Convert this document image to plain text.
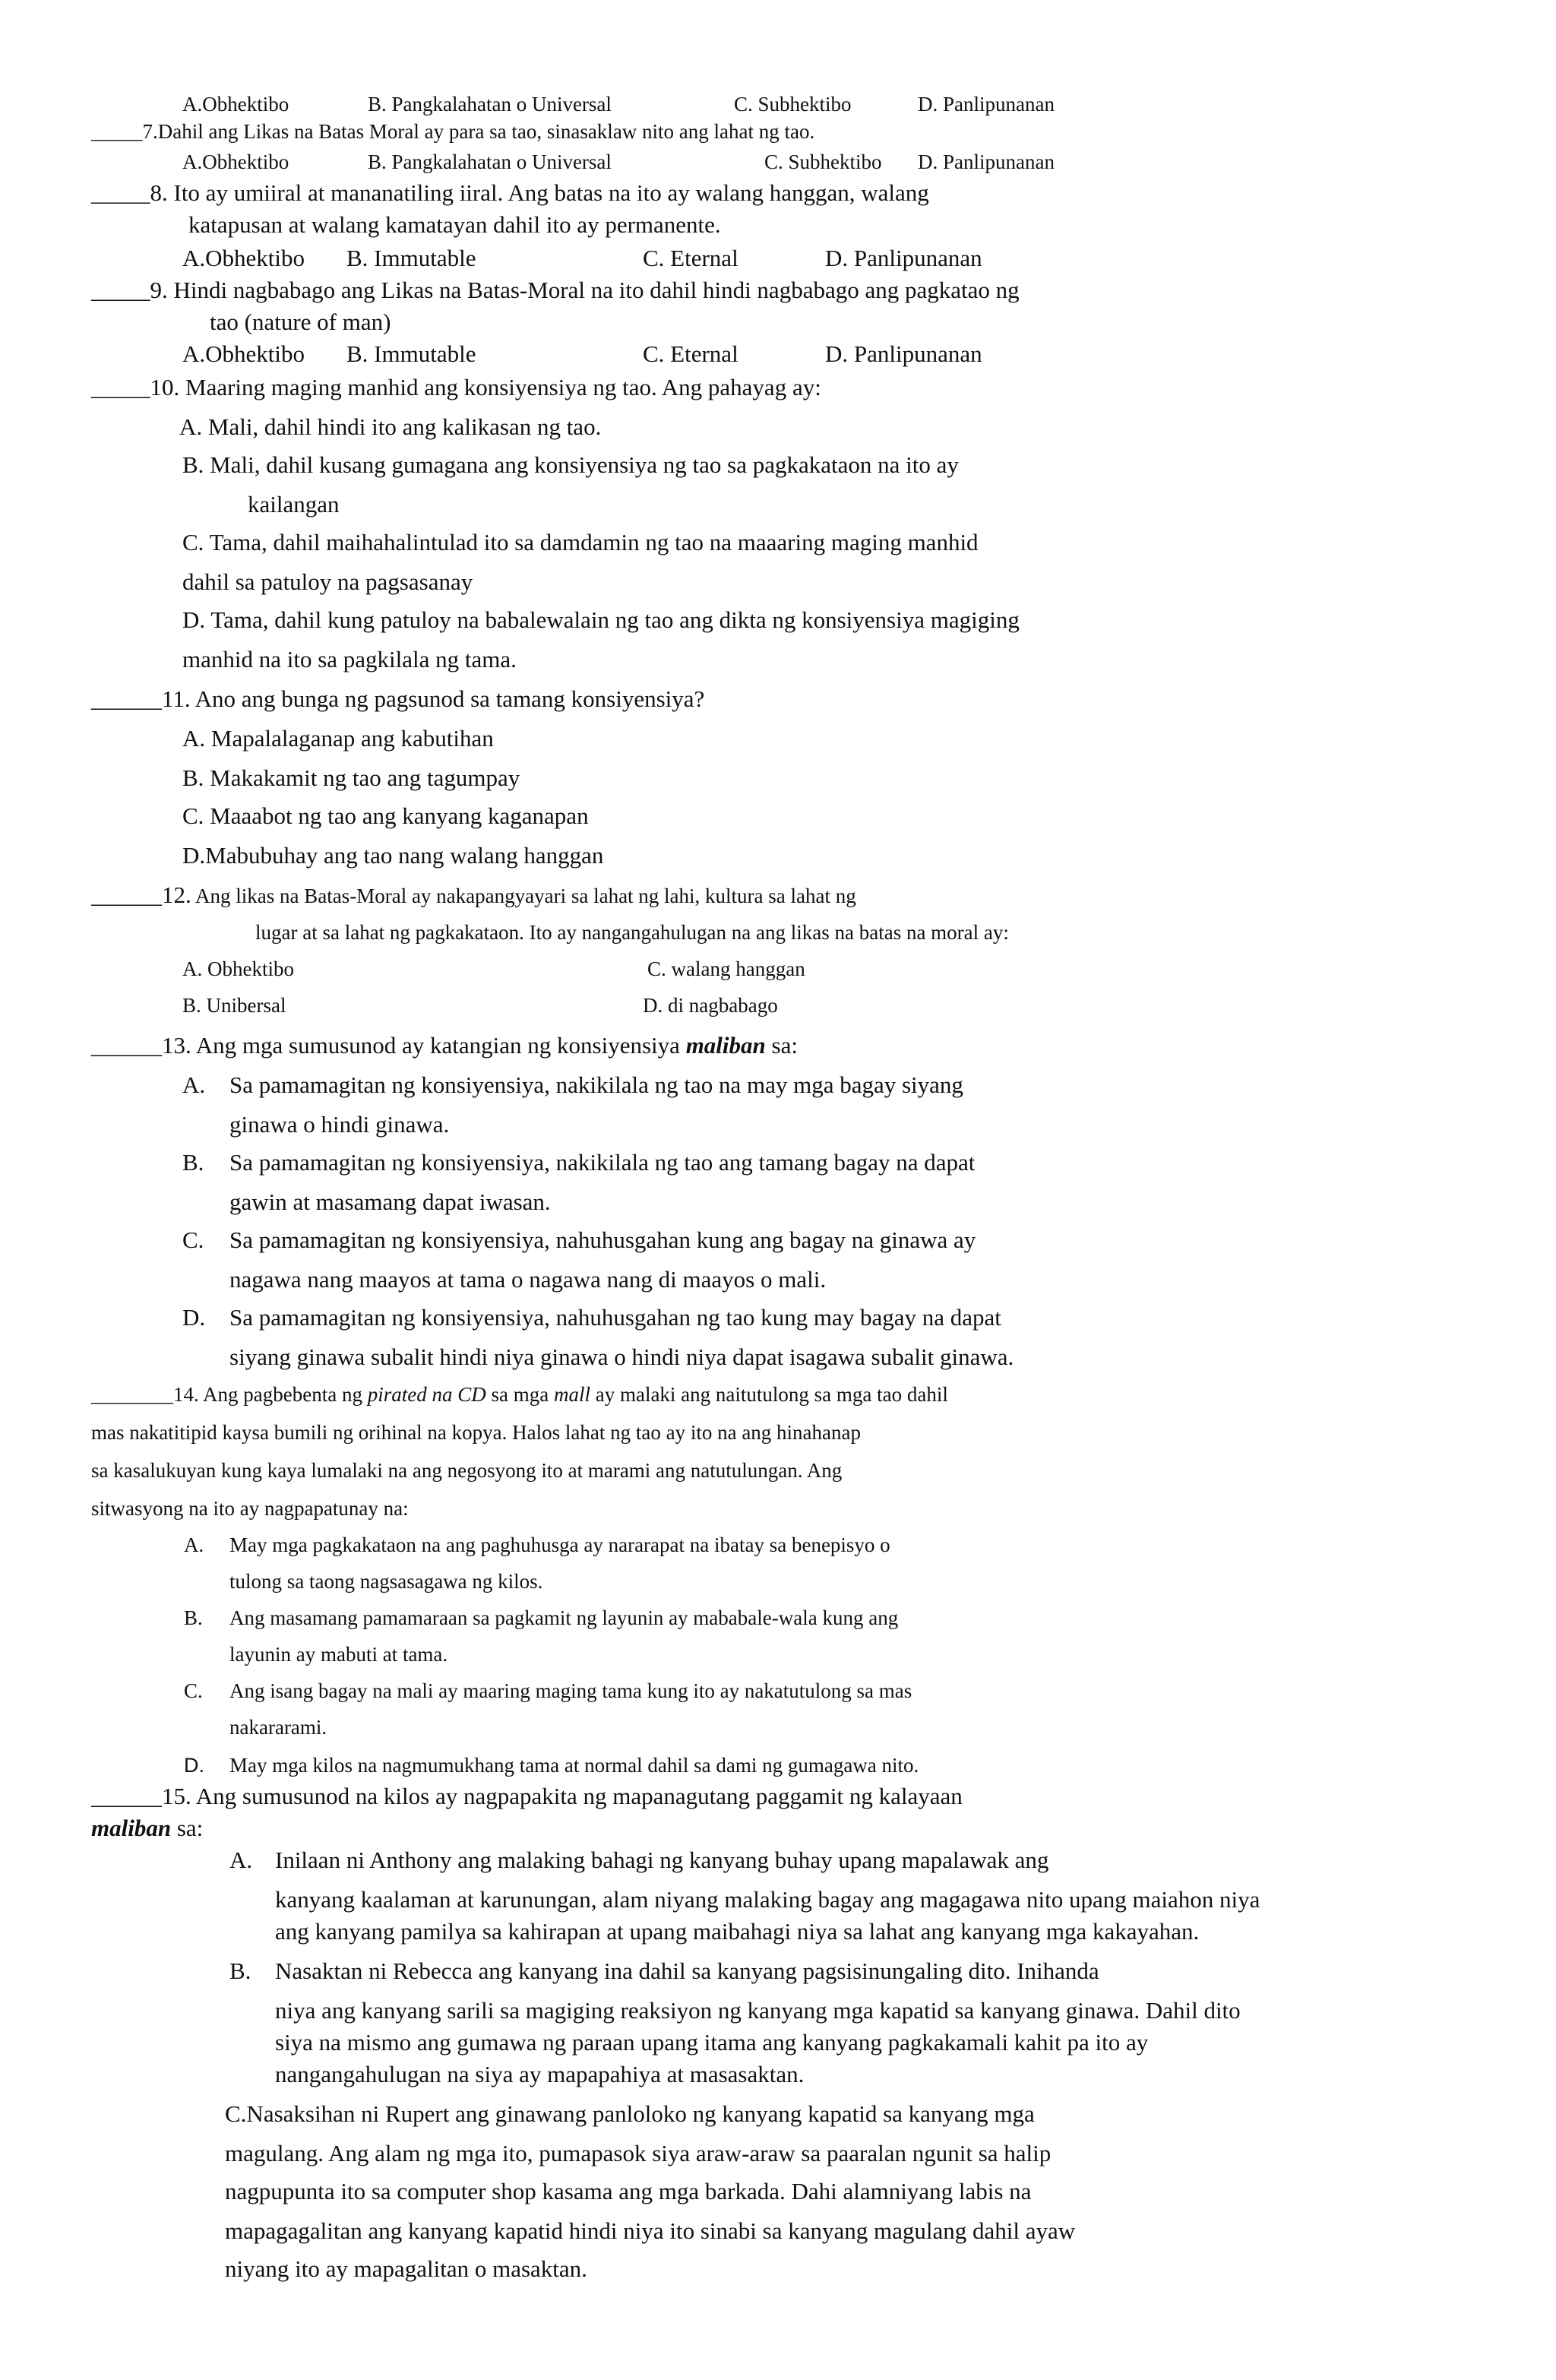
A.Obhektibo	B. Pangkalahatan o Universal	C. Subhektibo	D. Panlipunanan
_____7.Dahil ang Likas na Batas Moral ay para sa tao, sinasaklaw nito ang lahat ng tao.
A.Obhektibo	B. Pangkalahatan o Universal	C. Subhektibo D. Panlipunanan
_____8. Ito ay umiiral at mananatiling iiral. Ang batas na ito ay walang hanggan, walang
katapusan at walang kamatayan dahil ito ay permanente.
A.Obhektibo B. Immutable	C. Eternal	D. Panlipunanan
_____9. Hindi nagbabago ang Likas na Batas-Moral na ito dahil hindi nagbabago ang pagkatao ng
tao (nature of man)
A.Obhektibo B. Immutable	C. Eternal	D. Panlipunanan
_____10. Maaring maging manhid ang konsiyensiya ng tao. Ang pahayag ay:
A. Mali, dahil hindi ito ang kalikasan ng tao.
B. Mali, dahil kusang gumagana ang konsiyensiya ng tao sa pagkakataon na ito ay
kailangan
C. Tama, dahil maihahalintulad ito sa damdamin ng tao na maaaring maging manhid
dahil sa patuloy na pagsasanay
D. Tama, dahil kung patuloy na babalewalain ng tao ang dikta ng konsiyensiya magiging
manhid na ito sa pagkilala ng tama.
______11. Ano ang bunga ng pagsunod sa tamang konsiyensiya?
A. Mapalalaganap ang kabutihan
B. Makakamit ng tao ang tagumpay
C. Maaabot ng tao ang kanyang kaganapan
D.Mabubuhay ang tao nang walang hanggan
______12. Ang likas na Batas-Moral ay nakapangyayari sa lahat ng lahi, kultura sa lahat ng
lugar at sa lahat ng pagkakataon. Ito ay nangangahulugan na ang likas na batas na moral ay:
A. Obhektibo	C. walang hanggan
B. Unibersal	D. di nagbabago
______13. Ang mga sumusunod ay katangian ng konsiyensiya maliban sa:
A. Sa pamamagitan ng konsiyensiya, nakikilala ng tao na may mga bagay siyang
ginawa o hindi ginawa.
B. Sa pamamagitan ng konsiyensiya, nakikilala ng tao ang tamang bagay na dapat
gawin at masamang dapat iwasan.
C. Sa pamamagitan ng konsiyensiya, nahuhusgahan kung ang bagay na ginawa ay
nagawa nang maayos at tama o nagawa nang di maayos o mali.
D. Sa pamamagitan ng konsiyensiya, nahuhusgahan ng tao kung may bagay na dapat
siyang ginawa subalit hindi niya ginawa o hindi niya dapat isagawa subalit ginawa.
________14. Ang pagbebenta ng pirated na CD sa mga mall ay malaki ang naitutulong sa mga tao dahil
mas nakatitipid kaysa bumili ng orihinal na kopya. Halos lahat ng tao ay ito na ang hinahanap
sa kasalukuyan kung kaya lumalaki na ang negosyong ito at marami ang natutulungan. Ang
sitwasyong na ito ay nagpapatunay na:
A. May mga pagkakataon na ang paghuhusga ay nararapat na ibatay sa benepisyo o
tulong sa taong nagsasagawa ng kilos.
B. Ang masamang pamamaraan sa pagkamit ng layunin ay mababale-wala kung ang
layunin ay mabuti at tama.
C. Ang isang bagay na mali ay maaring maging tama kung ito ay nakatutulong sa mas
nakararami.
D. May mga kilos na nagmumukhang tama at normal dahil sa dami ng gumagawa nito.
______15. Ang sumusunod na kilos ay nagpapakita ng mapanagutang paggamit ng kalayaan
maliban sa:
A. Inilaan ni Anthony ang malaking bahagi ng kanyang buhay upang mapalawak ang
kanyang kaalaman at karunungan, alam niyang malaking bagay ang magagawa nito upang maiahon niya
ang kanyang pamilya sa kahirapan at upang maibahagi niya sa lahat ang kanyang mga kakayahan.
B. Nasaktan ni Rebecca ang kanyang ina dahil sa kanyang pagsisinungaling dito. Inihanda
niya ang kanyang sarili sa magiging reaksiyon ng kanyang mga kapatid sa kanyang ginawa. Dahil dito
siya na mismo ang gumawa ng paraan upang itama ang kanyang pagkakamali kahit pa ito ay
nangangahulugan na siya ay mapapahiya at masasaktan.
C.Nasaksihan ni Rupert ang ginawang panloloko ng kanyang kapatid sa kanyang mga
magulang. Ang alam ng mga ito, pumapasok siya araw-araw sa paaralan ngunit sa halip
nagpupunta ito sa computer shop kasama ang mga barkada. Dahi alamniyang labis na
mapagagalitan ang kanyang kapatid hindi niya ito sinabi sa kanyang magulang dahil ayaw
niyang ito ay mapagalitan o masaktan.
